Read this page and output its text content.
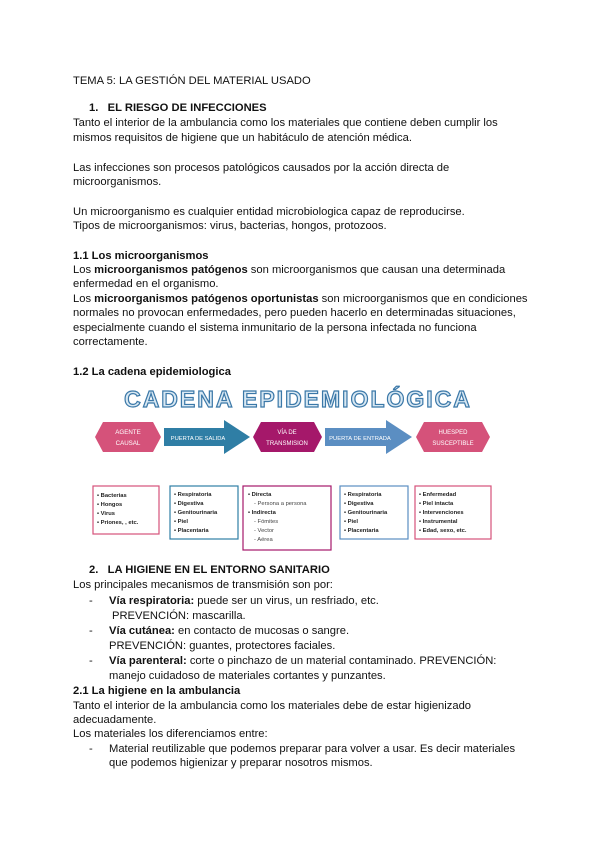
TEMA 5: LA GESTIÓN DEL MATERIAL USADO
1. EL RIESGO DE INFECCIONES
Tanto el interior de la ambulancia como los materiales que contiene deben cumplir los
mismos requisitos de higiene que un habitáculo de atención médica.
Las infecciones son procesos patológicos causados por la acción directa de
microorganismos.
Un microorganismo es cualquier entidad microbiologica capaz de reproducirse.
Tipos de microorganismos: virus, bacterias, hongos, protozoos.
1.1 Los microorganismos
Los microorganismos patógenos son microorganismos que causan una determinada
enfermedad en el organismo.
Los microorganismos patógenos oportunistas son microorganismos que en condiciones
normales no provocan enfermedades, pero pueden hacerlo en determinadas situaciones,
especialmente cuando el sistema inmunitario de la persona infectada no funciona
correctamente.
1.2 La cadena epidemiologica
CADENA EPIDEMIOLÓGICA
AGENTE
CAUSAL
PUERTA DE SALIDA
VÍA DE
TRANSMISION
PUERTA DE ENTRADA
HUESPED
SUSCEPTIBLE
• Bacterias
• Hongos
• Virus
• Priones, , etc.
• Respiratoria
• Digestiva
• Genitourinaria
• Piel
• Placentaria
• Directa
- Persona a persona
• Indirecta
- Fómites
- Vector
- Aérea
• Respiratoria
• Digestiva
• Genitourinaria
• Piel
• Placentaria
• Enfermedad
• Piel intacta
• Intervenciones
• Instrumental
• Edad, sexo, etc.
2. LA HIGIENE EN EL ENTORNO SANITARIO
Los principales mecanismos de transmisión son por:
- Vía respiratoria: puede ser un virus, un resfriado, etc.
PREVENCIÓN: mascarilla.
- Vía cutánea: en contacto de mucosas o sangre.
PREVENCIÓN: guantes, protectores faciales.
- Vía parenteral: corte o pinchazo de un material contaminado. PREVENCIÓN:
manejo cuidadoso de materiales cortantes y punzantes.
2.1 La higiene en la ambulancia
Tanto el interior de la ambulancia como los materiales debe de estar higienizado
adecuadamente.
Los materiales los diferenciamos entre:
- Material reutilizable que podemos preparar para volver a usar. Es decir materiales
que podemos higienizar y preparar nosotros mismos.
